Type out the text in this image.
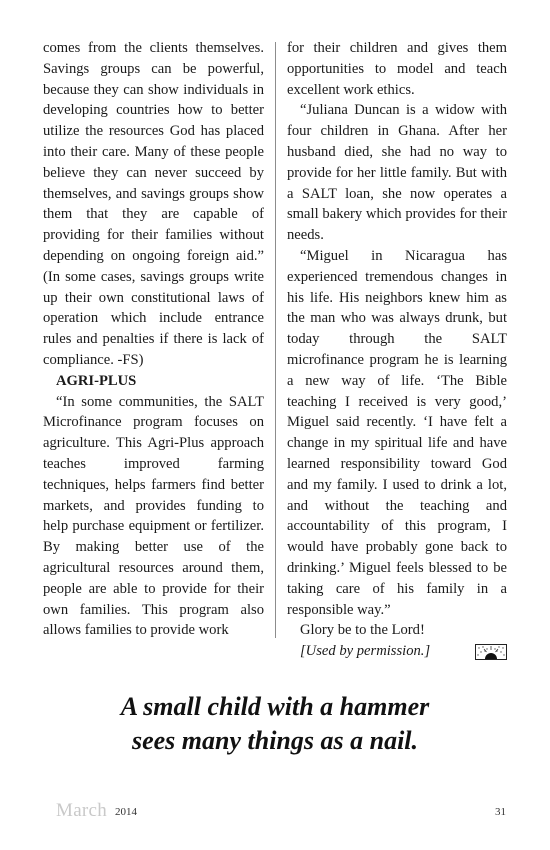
comes from the clients themselves. Savings groups can be powerful, because they can show individuals in developing countries how to better utilize the resources God has placed into their care. Many of these people believe they can never succeed by themselves, and savings groups show them that they are capable of providing for their families without depending on ongoing foreign aid.” (In some cases, savings groups write up their own constitutional laws of operation which include entrance rules and penalties if there is lack of compliance. -FS)

AGRI-PLUS

“In some communities, the SALT Microfinance program focuses on agriculture. This Agri-Plus approach teaches improved farming techniques, helps farmers find better markets, and provides funding to help purchase equipment or fertilizer. By making better use of the agricultural resources around them, people are able to provide for their own families. This program also allows families to provide work

for their children and gives them opportunities to model and teach excellent work ethics.

“Juliana Duncan is a widow with four children in Ghana. After her husband died, she had no way to provide for her little family. But with a SALT loan, she now operates a small bakery which provides for their needs.

“Miguel in Nicaragua has experienced tremendous changes in his life. His neighbors knew him as the man who was always drunk, but today through the SALT microfinance program he is learning a new way of life. ‘The Bible teaching I received is very good,’ Miguel said recently. ‘I have felt a change in my spiritual life and have learned responsibility toward God and my family. I used to drink a lot, and without the teaching and accountability of this program, I would have probably gone back to drinking.’ Miguel feels blessed to be taking care of his family in a responsible way.”

Glory be to the Lord!

[Used by permission.]
A small child with a hammer
sees many things as a nail.
March 2014	31
